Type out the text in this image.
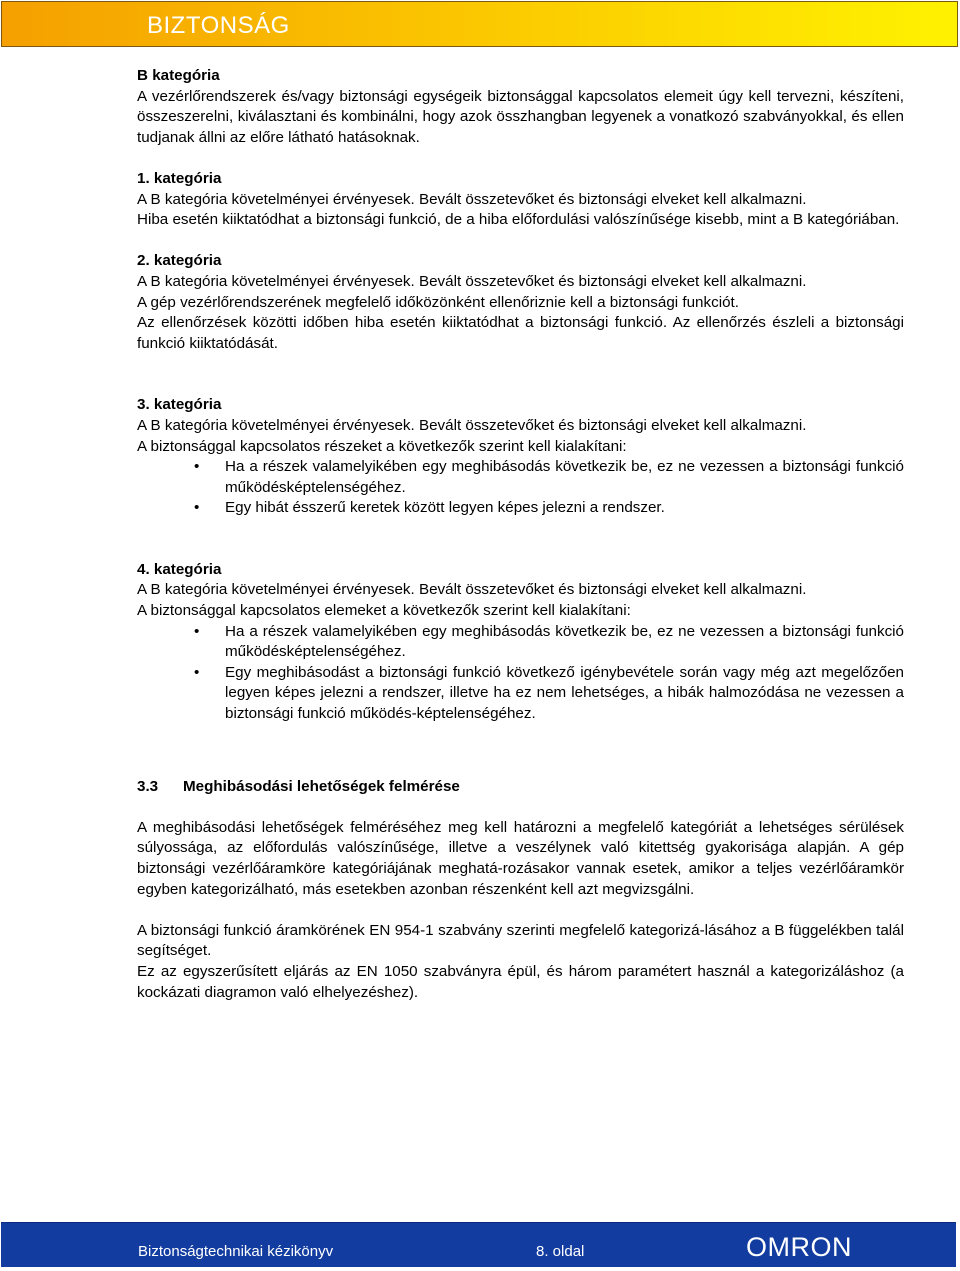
BIZTONSÁG

B kategória

A vezérlőrendszerek és/vagy biztonsági egységeik biztonsággal kapcsolatos elemeit úgy kell tervezni, készíteni, összeszerelni, kiválasztani és kombinálni, hogy azok összhangban legyenek a vonatkozó szabványokkal, és ellen tudjanak állni az előre látható hatásoknak.

1. kategória

A B kategória követelményei érvényesek. Bevált összetevőket és biztonsági elveket kell alkalmazni.

Hiba esetén kiiktatódhat a biztonsági funkció, de a hiba előfordulási valószínűsége kisebb, mint a B kategóriában.

2. kategória

A B kategória követelményei érvényesek. Bevált összetevőket és biztonsági elveket kell alkalmazni.

A gép vezérlőrendszerének megfelelő időközönként ellenőriznie kell a biztonsági funkciót.

Az ellenőrzések közötti időben hiba esetén kiiktatódhat a biztonsági funkció. Az ellenőrzés észleli a biztonsági funkció kiiktatódását.

3. kategória

A B kategória követelményei érvényesek. Bevált összetevőket és biztonsági elveket kell alkalmazni.

A biztonsággal kapcsolatos részeket a következők szerint kell kialakítani:

• Ha a részek valamelyikében egy meghibásodás következik be, ez ne vezessen a biztonsági funkció működésképtelenségéhez.
• Egy hibát ésszerű keretek között legyen képes jelezni a rendszer.

4. kategória

A B kategória követelményei érvényesek. Bevált összetevőket és biztonsági elveket kell alkalmazni.

A biztonsággal kapcsolatos elemeket a következők szerint kell kialakítani:

• Ha a részek valamelyikében egy meghibásodás következik be, ez ne vezessen a biztonsági funkció működésképtelenségéhez.
• Egy meghibásodást a biztonsági funkció következő igénybevétele során vagy még azt megelőzően legyen képes jelezni a rendszer, illetve ha ez nem lehetséges, a hibák halmozódása ne vezessen a biztonsági funkció működés-képtelenségéhez.

3.3 Meghibásodási lehetőségek felmérése

A meghibásodási lehetőségek felméréséhez meg kell határozni a megfelelő kategóriát a lehetséges sérülések súlyossága, az előfordulás valószínűsége, illetve a veszélynek való kitettség gyakorisága alapján. A gép biztonsági vezérlőáramköre kategóriájának meghatá-rozásakor vannak esetek, amikor a teljes vezérlőáramkör egyben kategorizálható, más esetekben azonban részenként kell azt megvizsgálni.

A biztonsági funkció áramkörének EN 954-1 szabvány szerinti megfelelő kategorizá-lásához a B függelékben talál segítséget.

Ez az egyszerűsített eljárás az EN 1050 szabványra épül, és három paramétert használ a kategorizáláshoz (a kockázati diagramon való elhelyezéshez).

Biztonságtechnikai kézikönyv	8. oldal	OMRON
